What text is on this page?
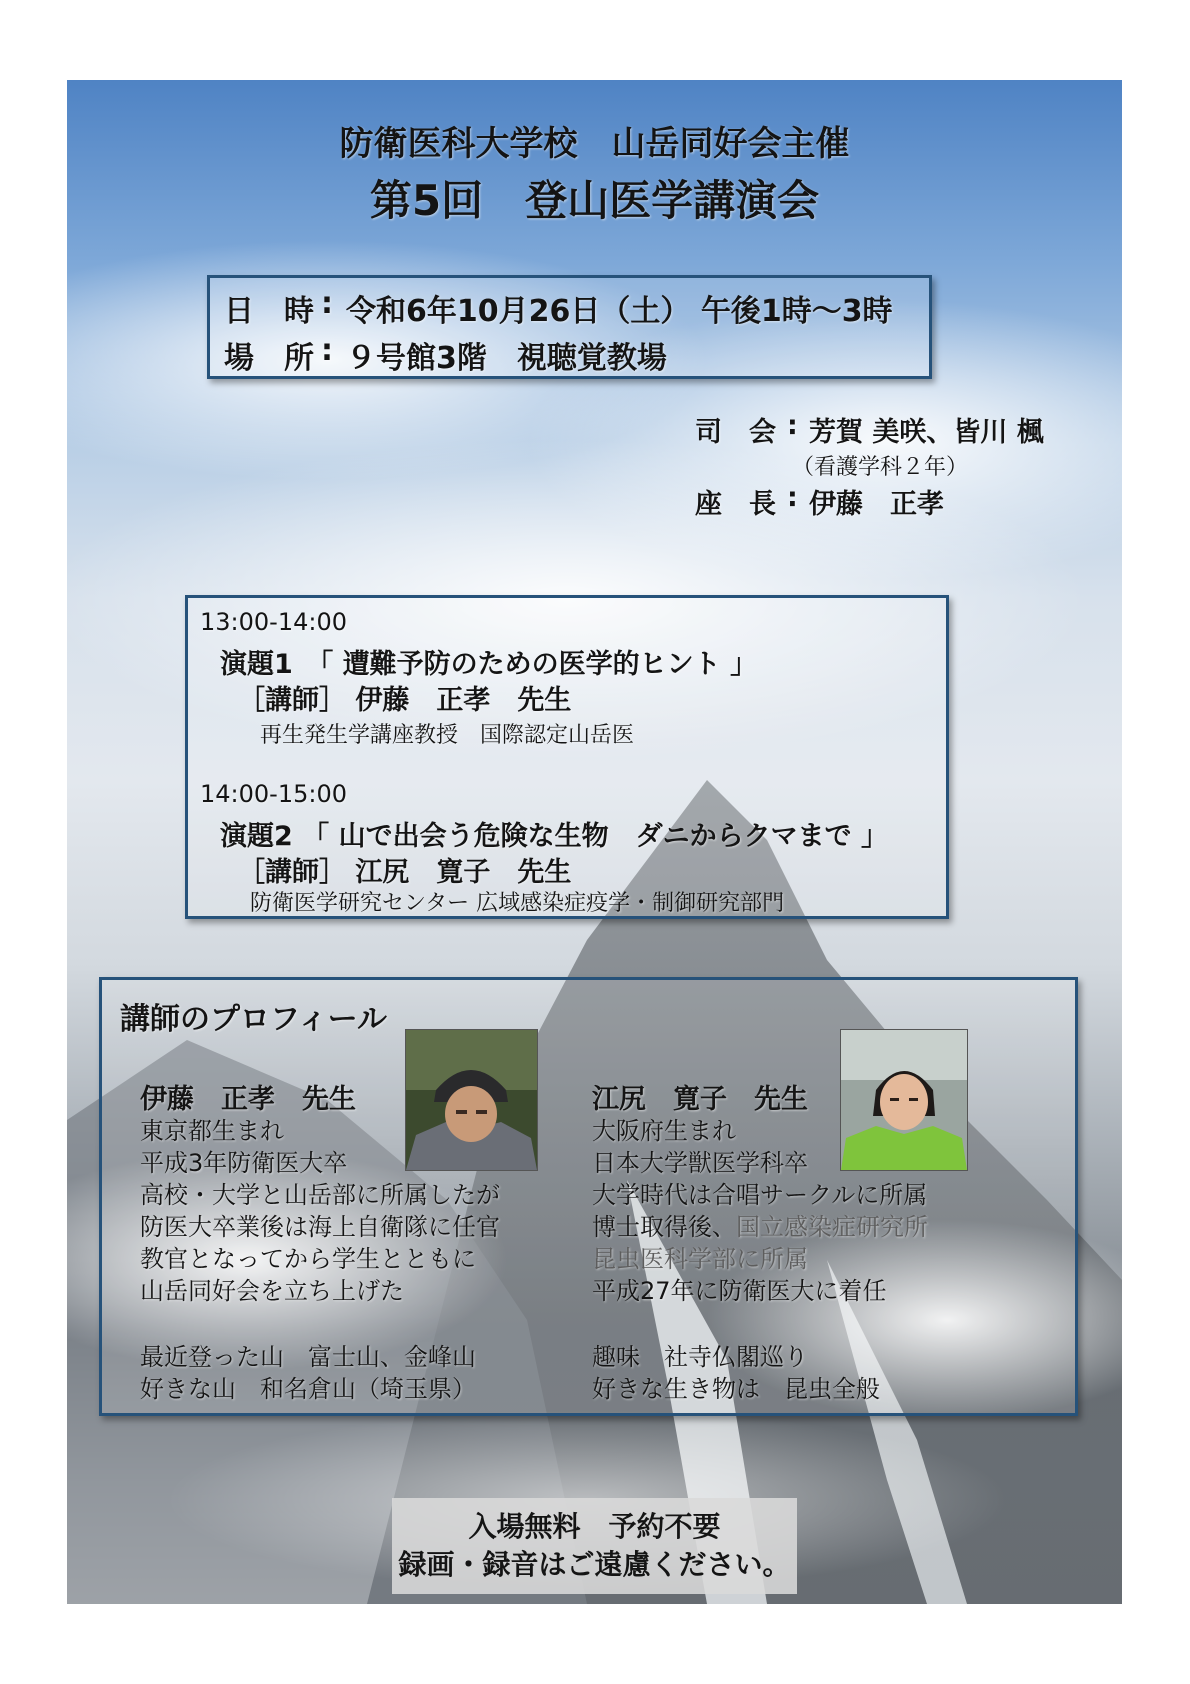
防衛医科大学校　山岳同好会主催
第5回　登山医学講演会
日　時 : 令和6年10月26日（土） 午後1時～3時
場　所 : ９号館3階　視聴覚教場
司　会 : 芳賀 美咲、皆川 楓
（看護学科２年）
座　長 : 伊藤　正孝
13:00-14:00
演題1　「 遭難予防のための医学的ヒント 」
［講師］ 伊藤　正孝　先生
再生発生学講座教授　国際認定山岳医
14:00-15:00
演題2 「 山で出会う危険な生物　ダニからクマまで 」
［講師］ 江尻　寛子　先生
防衛医学研究センター 広域感染症疫学・制御研究部門
講師のプロフィール
伊藤　正孝　先生
東京都生まれ
平成3年防衛医大卒
高校・大学と山岳部に所属したが
防医大卒業後は海上自衛隊に任官
教官となってから学生とともに
山岳同好会を立ち上げた
最近登った山　富士山、金峰山
好きな山　和名倉山（埼玉県）
江尻　寛子　先生
大阪府生まれ
日本大学獣医学科卒
大学時代は合唱サークルに所属
博士取得後、国立感染症研究所
昆虫医科学部に所属
平成27年に防衛医大に着任
趣味　社寺仏閣巡り
好きな生き物は　昆虫全般
入場無料　予約不要
録画・録音はご遠慮ください。
